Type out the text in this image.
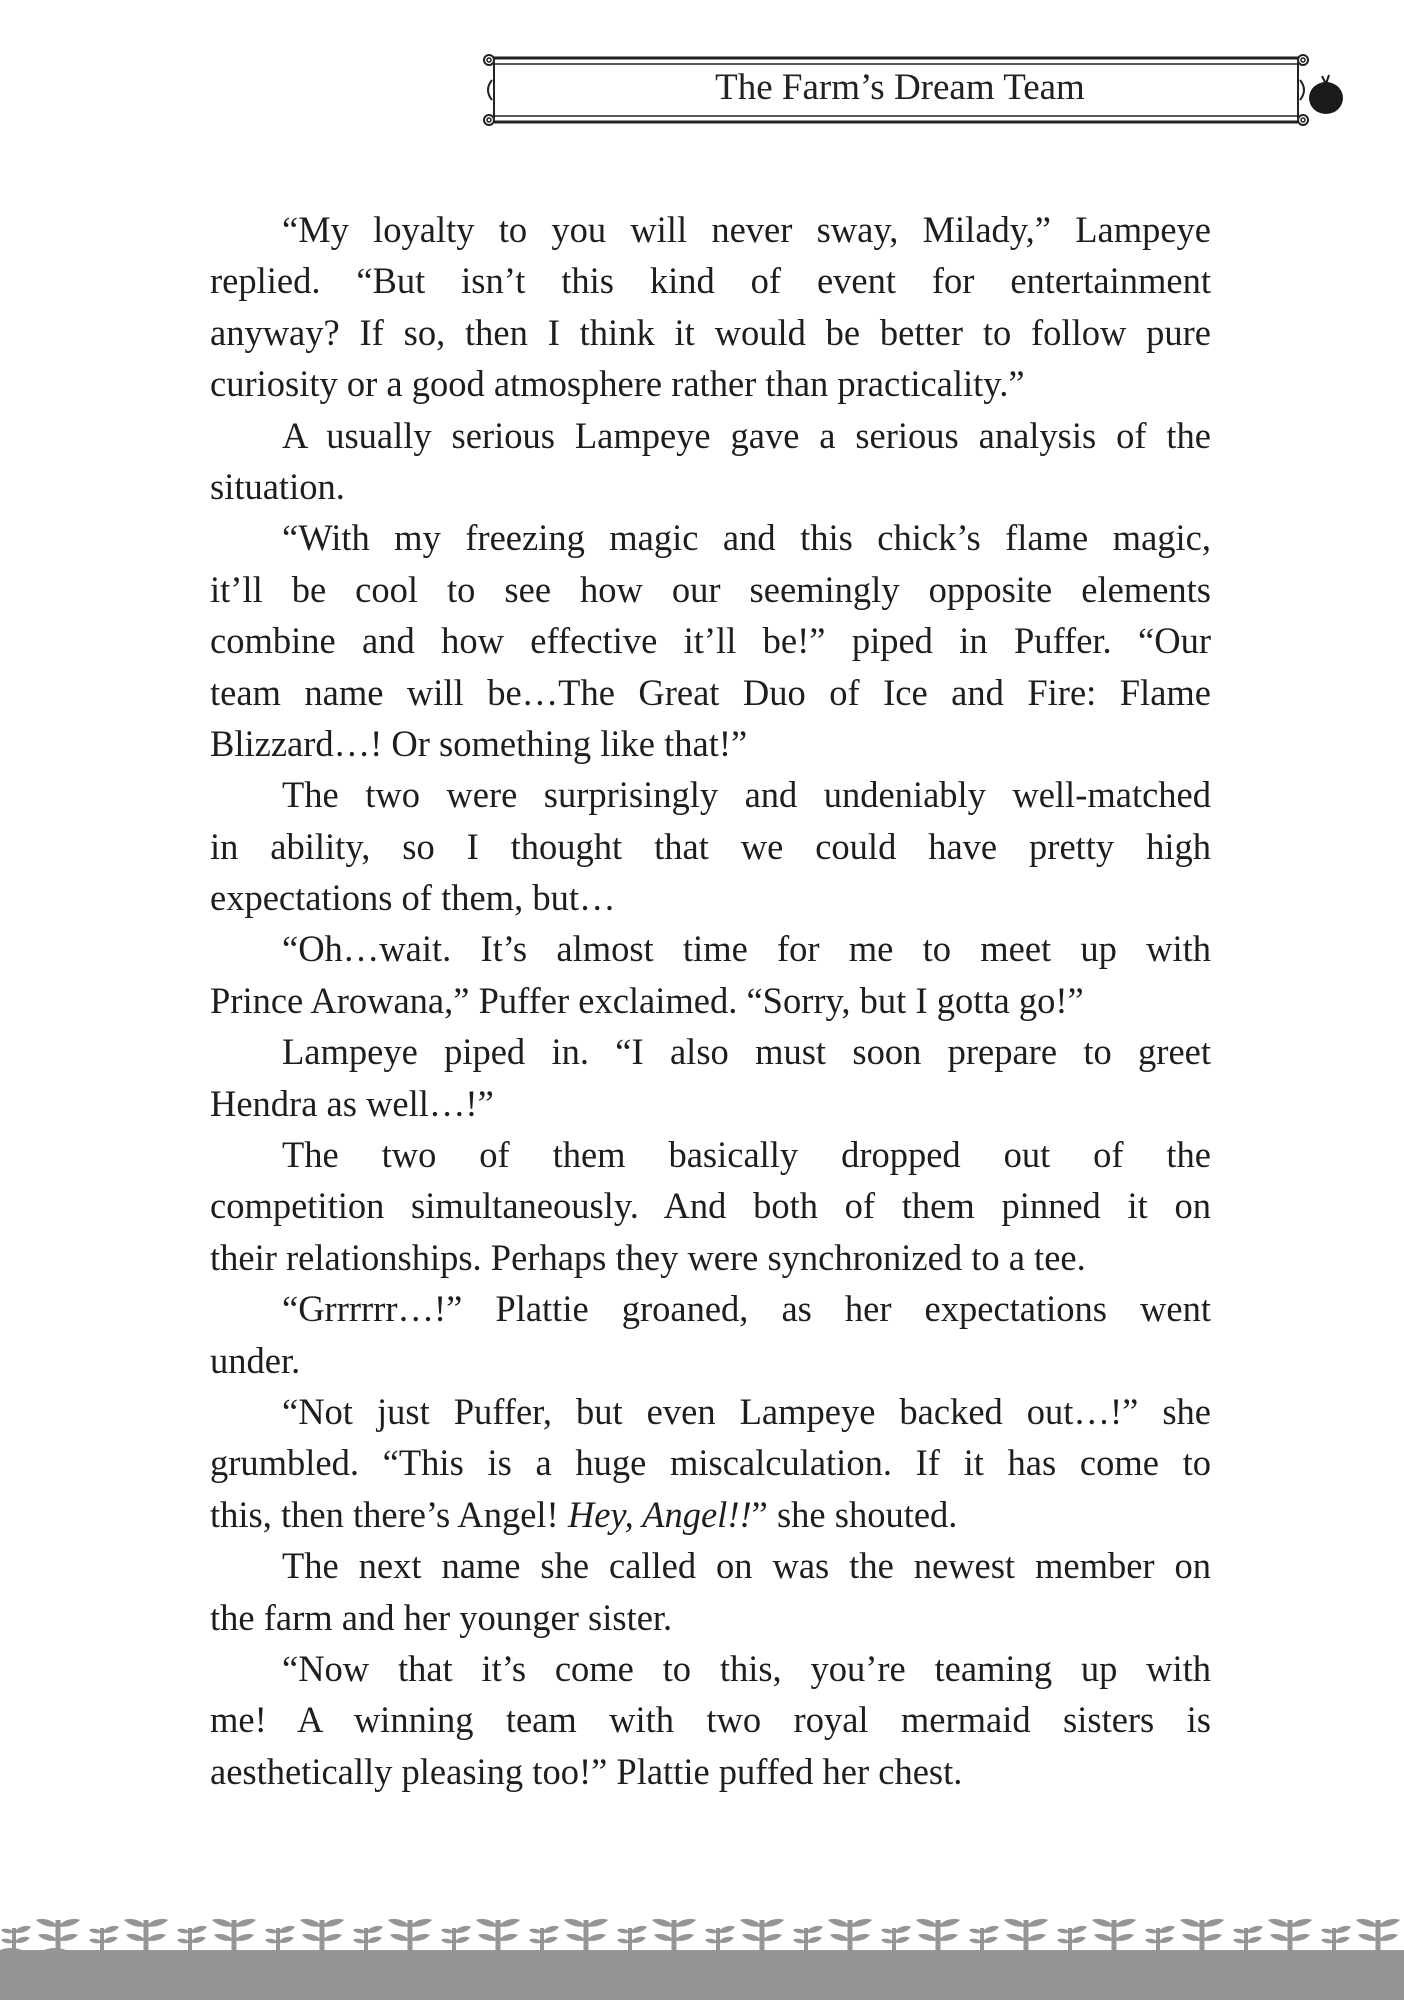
The Farm’s Dream Team
“My loyalty to you will never sway, Milady,” Lampeye
replied. “But isn’t this kind of event for entertainment
anyway? If so, then I think it would be better to follow pure
curiosity or a good atmosphere rather than practicality.”
A usually serious Lampeye gave a serious analysis of the
situation.
“With my freezing magic and this chick’s flame magic,
it’ll be cool to see how our seemingly opposite elements
combine and how effective it’ll be!” piped in Puffer. “Our
team name will be…The Great Duo of Ice and Fire: Flame
Blizzard…! Or something like that!”
The two were surprisingly and undeniably well-matched
in ability, so I thought that we could have pretty high
expectations of them, but…
“Oh…wait. It’s almost time for me to meet up with
Prince Arowana,” Puffer exclaimed. “Sorry, but I gotta go!”
Lampeye piped in. “I also must soon prepare to greet
Hendra as well…!”
The two of them basically dropped out of the
competition simultaneously. And both of them pinned it on
their relationships. Perhaps they were synchronized to a tee.
“Grrrrrr…!” Plattie groaned, as her expectations went
under.
“Not just Puffer, but even Lampeye backed out…!” she
grumbled. “This is a huge miscalculation. If it has come to
this, then there’s Angel! Hey, Angel!!” she shouted.
The next name she called on was the newest member on
the farm and her younger sister.
“Now that it’s come to this, you’re teaming up with
me! A winning team with two royal mermaid sisters is
aesthetically pleasing too!” Plattie puffed her chest.
